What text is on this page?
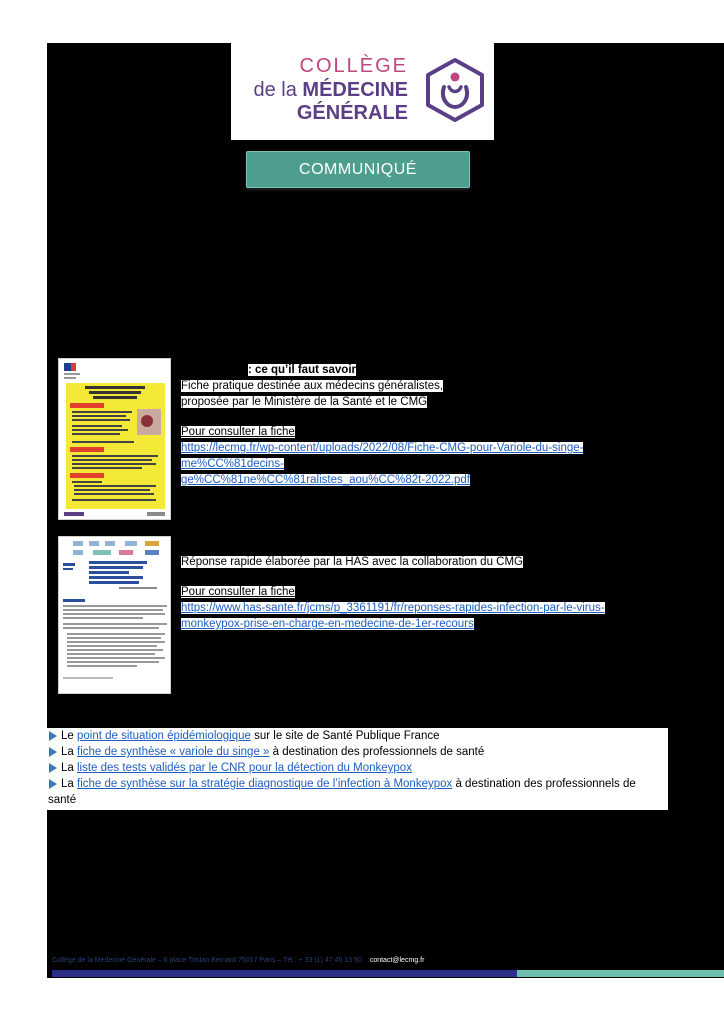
COLLÈGE
de la MÉDECINE
GÉNÉRALE
COMMUNIQUÉ
: ce qu’il faut savoir
Fiche pratique destinée aux médecins généralistes,
proposée par le Ministère de la Santé et le CMG
Pour consulter la fiche
https://lecmg.fr/wp-content/uploads/2022/08/Fiche-CMG-pour-Variole-du-singe-me%CC%81decins-
ge%CC%81ne%CC%81ralistes_aou%CC%82t-2022.pdf
Réponse rapide élaborée par la HAS avec la collaboration du CMG
Pour consulter la fiche
https://www.has-sante.fr/jcms/p_3361191/fr/reponses-rapides-infection-par-le-virus-
monkeypox-prise-en-charge-en-medecine-de-1er-recours
Le point de situation épidémiologique sur le site de Santé Publique France
La fiche de synthèse « variole du singe » à destination des professionnels de santé
La liste des tests validés par le CNR pour la détection du Monkeypox
La fiche de synthèse sur la stratégie diagnostique de l’infection à Monkeypox à destination des professionnels de
santé
Collège de la Médecine Générale – 6 place Tristan Bernard 75017 Paris – Tél : + 33 (1) 47 45 13 50 contact@lecmg.fr
